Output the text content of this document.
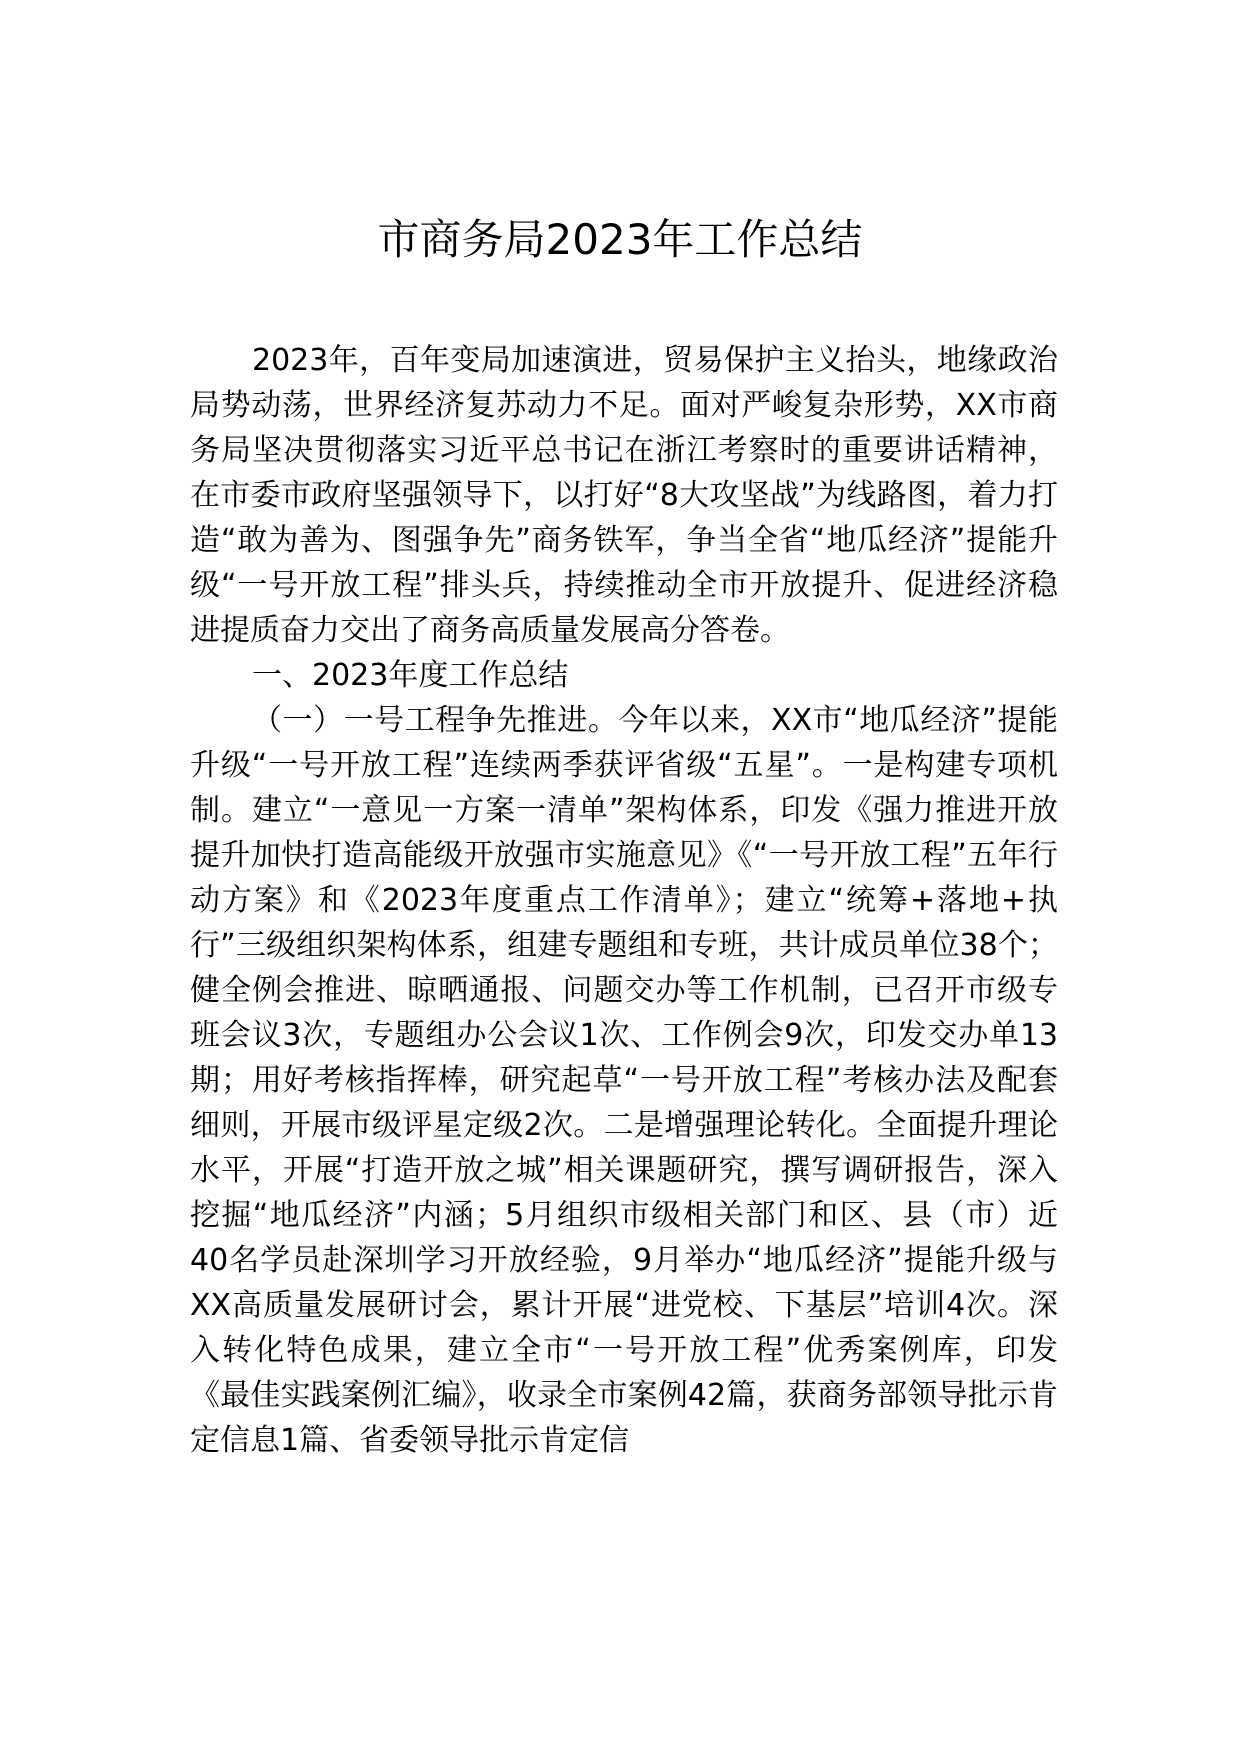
市商务局2023年工作总结

2023年，百年变局加速演进，贸易保护主义抬头，地缘政治局势动荡，世界经济复苏动力不足。面对严峻复杂形势，XX市商务局坚决贯彻落实习近平总书记在浙江考察时的重要讲话精神，在市委市政府坚强领导下，以打好“8大攻坚战”为线路图，着力打造“敢为善为、图强争先”商务铁军，争当全省“地瓜经济”提能升级“一号开放工程”排头兵，持续推动全市开放提升、促进经济稳进提质奋力交出了商务高质量发展高分答卷。

一、2023年度工作总结

（一）一号工程争先推进。今年以来，XX市“地瓜经济”提能升级“一号开放工程”连续两季获评省级“五星”。一是构建专项机制。建立“一意见一方案一清单”架构体系，印发《强力推进开放提升加快打造高能级开放强市实施意见》《“一号开放工程”五年行动方案》和《2023年度重点工作清单》；建立“统筹+落地+执行”三级组织架构体系，组建专题组和专班，共计成员单位38个；健全例会推进、晾晒通报、问题交办等工作机制，已召开市级专班会议3次，专题组办公会议1次、工作例会9次，印发交办单13期；用好考核指挥棒，研究起草“一号开放工程”考核办法及配套细则，开展市级评星定级2次。二是增强理论转化。全面提升理论水平，开展“打造开放之城”相关课题研究，撰写调研报告，深入挖掘“地瓜经济”内涵；5月组织市级相关部门和区、县（市）近40名学员赴深圳学习开放经验，9月举办“地瓜经济”提能升级与XX高质量发展研讨会，累计开展“进党校、下基层”培训4次。深入转化特色成果，建立全市“一号开放工程”优秀案例库，印发《最佳实践案例汇编》，收录全市案例42篇，获商务部领导批示肯定信息1篇、省委领导批示肯定信
